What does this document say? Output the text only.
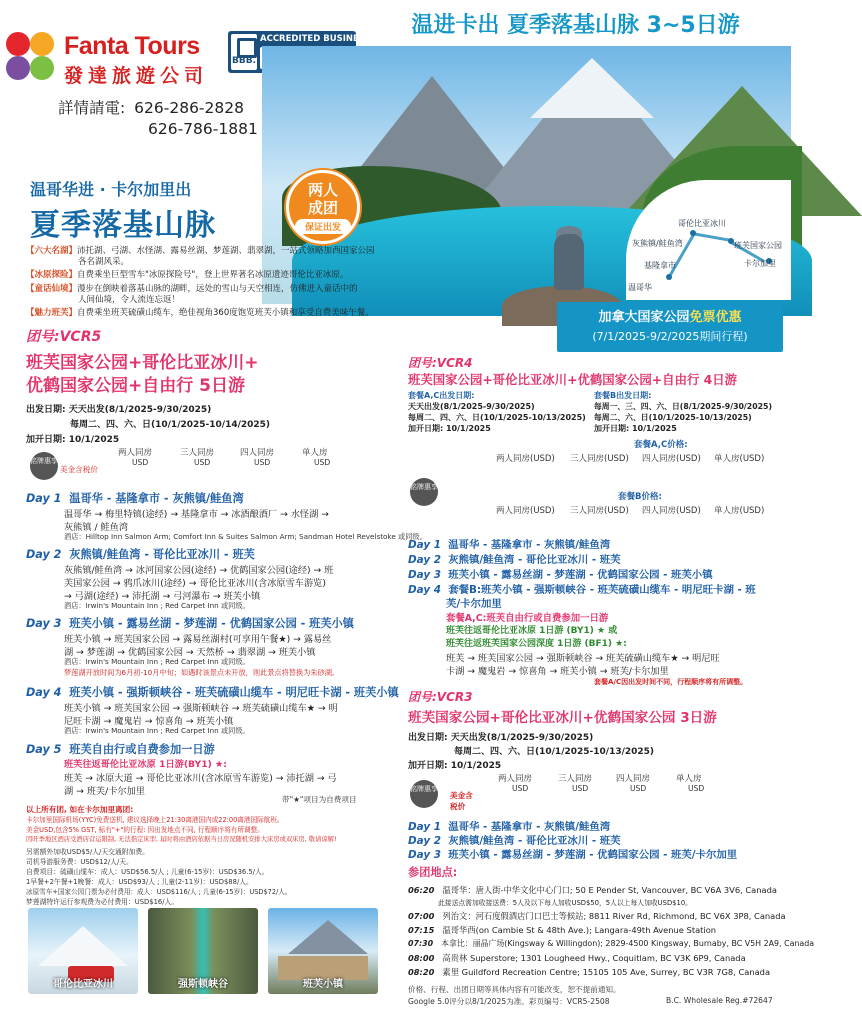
Fanta Tours
發達旅遊公司
BBB.
ACCREDITED BUSINESS
詳情請電: 626-286-2828
626-786-1881
温进卡出 夏季落基山脉 3~5日游
哥伦比亚冰川
灰熊镇/鲑鱼湾	班芙国家公园
基隆拿市
温哥华
卡尔加里
加拿大国家公园免票优惠
(7/1/2025-9/2/2025期间行程)
温哥华进 · 卡尔加里出
夏季落基山脉
两人
成团
保证出发
【六大名湖】沛托湖、弓湖、水怪湖、露易丝湖、梦莲湖、翡翠湖，一站式领略加西国家公园
各名湖风采。
【冰原探险】自费乘坐巨型雪车"冰原探险号"，登上世界著名冰原遗迹哥伦比亚冰原。
【童话仙境】漫步在倒映着落基山脉的湖畔，远处的雪山与天空相连，仿佛进入童话中的
人间仙境，令人流连忘返！
【魅力班芙】自费乘坐班芙硫磺山缆车，绝佳视角360度饱览班芙小镇和享受自费美味午餐。
团号:VCR5
班芙国家公园+哥伦比亚冰川+
优鹤国家公园+自由行 5日游
出发日期: 天天出发(8/1/2025-9/30/2025)
每周二、四、六、日(10/1/2025-10/14/2025)
加开日期: 10/1/2025
铭牌惠享
美金含税价
两人同房	三人同房	四人同房	单人房
USD	USD	USD	USD
Day 1 温哥华 - 基隆拿市 - 灰熊镇/鲑鱼湾
温哥华 → 梅里特镇(途经) → 基隆拿市 → 冰酒酿酒厂 → 水怪湖 →
灰熊镇 / 鲑鱼湾
酒店：Hilltop Inn Salmon Arm; Comfort Inn & Suites Salmon Arm; Sandman Hotel Revelstoke 或同级。
Day 2 灰熊镇/鲑鱼湾 - 哥伦比亚冰川 - 班芙
灰熊镇/鲑鱼湾 → 冰河国家公园(途经) → 优鹤国家公园(途经) → 班
芙国家公园 → 鸦爪冰川(途经) → 哥伦比亚冰川(含冰原雪车游览)
→ 弓湖(途经) → 沛托湖 → 弓河瀑布 → 班芙小镇
酒店：Irwin's Mountain Inn ; Red Carpet Inn 或同级。
Day 3 班芙小镇 - 露易丝湖 - 梦莲湖 - 优鹤国家公园 - 班芙小镇
班芙小镇 → 班芙国家公园 → 露易丝湖村(可享用午餐★) → 露易丝
湖 → 梦莲湖 → 优鹤国家公园 → 天然桥 → 翡翠湖 → 班芙小镇
酒店：Irwin's Mountain Inn ; Red Carpet Inn 或同级。
梦莲湖开放时间为6月初-10月中旬；如遇时该景点未开放，则此景点将替换为朱砂湖。
Day 4 班芙小镇 - 强斯顿峡谷 - 班芙硫磺山缆车 - 明尼旺卡湖 - 班芙小镇
班芙小镇 → 班芙国家公园 → 强斯顿峡谷 → 班芙硫磺山缆车★ → 明
尼旺卡湖 → 魔鬼岩 → 惊喜角 → 班芙小镇
酒店：Irwin's Mountain Inn ; Red Carpet Inn 或同级。
Day 5 班芙自由行或自费参加一日游
班芙往返哥伦比亚冰原 1日游(BY1) ★:
班芙 → 冰原大道 → 哥伦比亚冰川(含冰原雪车游览) → 沛托湖 → 弓
湖 → 班芙/卡尔加里
带"★"项目为自费项目
以上所有团, 如在卡尔加里离团:
卡尔加里国际机场(YYC)免费送机, 建议选择晚上21:30离港国内或22:00离港国际航班。
美金USD,包含5% GST, 标有"+"的行程: 因出发地点不同, 行程顺序将有所调整。
因旺季地区酒店受酒店营运限制, 无法指定床型, 届时将由酒店依据当日房况随机安排大床房或双床房, 敬请谅解!
另需额外加收USD$5/人/天交通附加费。
司机导游服务费：USD$12/人/天。
自费项目：硫磺山缆车：成人：USD$56.5/人 ; 儿童(6-15岁)：USD$36.5/人。
1早餐+2午餐+1晚餐：成人：USD$93/人 ; 儿童(2-11岁)：USD$88/人。
冰原雪车+国家公园门票为必付费用：成人：USD$116/人 ; 儿童(6-15岁)：USD$72/人。
梦莲湖特许运行参观费为必付费用：USD$16/人。
哥伦比亚冰川	强斯顿峡谷	班芙小镇
团号:VCR4
班芙国家公园+哥伦比亚冰川+优鹤国家公园+自由行 4日游
套餐A,C出发日期:
天天出发(8/1/2025-9/30/2025)
每周二、四、六、日(10/1/2025-10/13/2025)
加开日期: 10/1/2025
套餐B出发日期:
每周一、三、四、六、日(8/1/2025-9/30/2025)
每周二、六、日(10/1/2025-10/13/2025)
加开日期: 10/1/2025
套餐A,C价格:
两人同房(USD) 三人同房(USD) 四人同房(USD) 单人房(USD)
铭牌惠享
套餐B价格:
两人同房(USD) 三人同房(USD) 四人同房(USD) 单人房(USD)
Day 1 温哥华 - 基隆拿市 - 灰熊镇/鲑鱼湾
Day 2 灰熊镇/鲑鱼湾 - 哥伦比亚冰川 - 班芙
Day 3 班芙小镇 - 露易丝湖 - 梦莲湖 - 优鹤国家公园 - 班芙小镇
Day 4 套餐B:班芙小镇 - 强斯顿峡谷 - 班芙硫磺山缆车 - 明尼旺卡湖 - 班
芙/卡尔加里
套餐A,C:班芙自由行或自费参加一日游
班芙往返哥伦比亚冰原 1日游 (BY1) ★ 或
班芙往返班芙国家公园深度 1日游 (BF1) ★:
班芙 → 班芙国家公园 → 强斯顿峡谷 → 班芙硫磺山缆车★ → 明尼旺
卡湖 → 魔鬼岩 → 惊喜角 → 班芙小镇 → 班芙/卡尔加里
套餐A/C因出发时间不同，行程顺序将有所调整。
团号:VCR3
班芙国家公园+哥伦比亚冰川+优鹤国家公园 3日游
出发日期: 天天出发(8/1/2025-9/30/2025)
每周二、四、六、日(10/1/2025-10/13/2025)
加开日期: 10/1/2025
两人同房	三人同房	四人同房	单人房
USD	USD	USD	USD
铭牌惠享
美金含税价
Day 1 温哥华 - 基隆拿市 - 灰熊镇/鲑鱼湾
Day 2 灰熊镇/鲑鱼湾 - 哥伦比亚冰川 - 班芙
Day 3 班芙小镇 - 露易丝湖 - 梦莲湖 - 优鹤国家公园 - 班芙/卡尔加里
参团地点:
06:20 温哥华：唐人街-中华文化中心门口; 50 E Pender St, Vancouver, BC V6A 3V6, Canada
此接送点需加收接送费：5人及以下每人加收USD$50，5人以上每人加收USD$10。
07:00 列治文：河石度假酒店门口巴士等候站; 8811 River Rd, Richmond, BC V6X 3P8, Canada
07:15 温哥华西(on Cambie St & 48th Ave.); Langara-49th Avenue Station
07:30 本拿比：丽晶广场(Kingsway & Willingdon); 2829-4500 Kingsway, Burnaby, BC V5H 2A9, Canada
08:00 高贵林 Superstore; 1301 Lougheed Hwy., Coquitlam, BC V3K 6P9, Canada
08:20 素里 Guildford Recreation Centre; 15105 105 Ave, Surrey, BC V3R 7G8, Canada
价格、行程、出团日期等具体内容有可能改变，恕不提前通知。
Google 5.0评分以8/1/2025为准。彩页编号：VCR5-2508	B.C. Wholesale Reg.#72647
